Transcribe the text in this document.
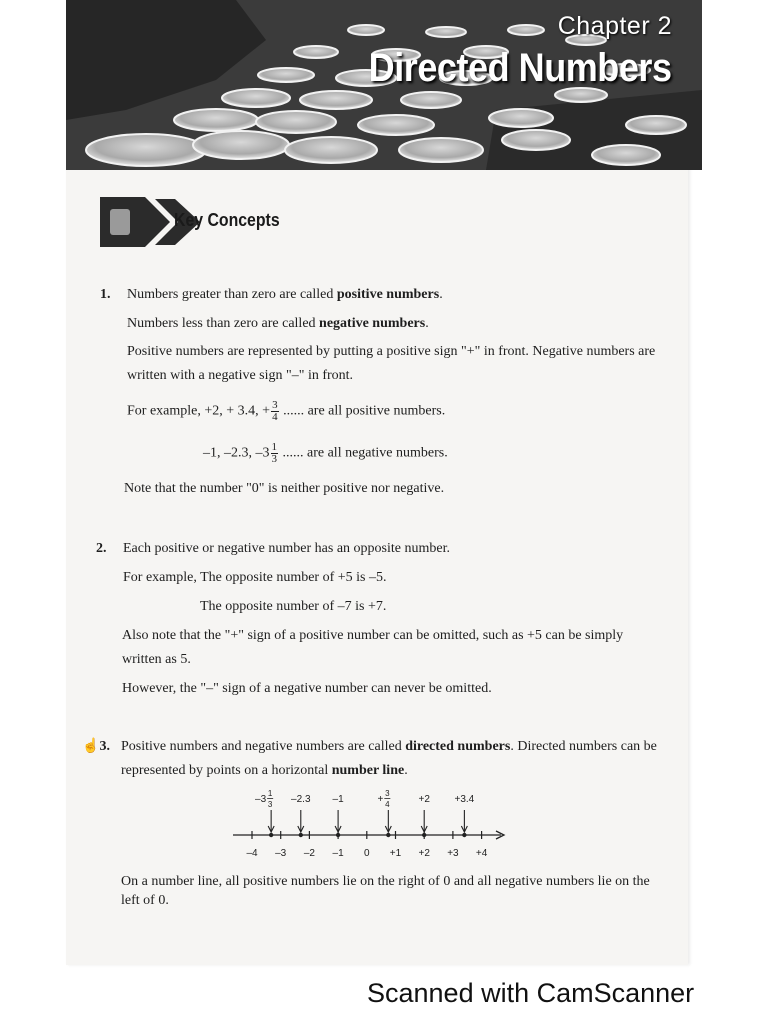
Chapter 2
Directed Numbers
Key Concepts
1. Numbers greater than zero are called positive numbers.
Numbers less than zero are called negative numbers.
Positive numbers are represented by putting a positive sign "+" in front. Negative numbers are
written with a negative sign "–" in front.
For example, +2, + 3.4, + $\frac{3}{4}$ ...... are all positive numbers.
–1, –2.3, $-3 \frac{1}{3}$ ...... are all negative numbers.
Note that the number "0" is neither positive nor negative.
2. Each positive or negative number has an opposite number.
For example, The opposite number of +5 is –5.
The opposite number of –7 is +7.
Also note that the "+" sign of a positive number can be omitted, such as +5 can be simply
written as 5.
However, the "–" sign of a negative number can never be omitted.
☝3. Positive numbers and negative numbers are called directed numbers. Directed numbers can be
represented by points on a horizontal number line.
–3
1
3 –2.3 –1	+
3
4	+2 +3.4
–4 –3 –2 –1 0 +1 +2 +3 +4
On a number line, all positive numbers lie on the right of 0 and all negative numbers lie on the
left of 0.
Scanned with CamScanner
